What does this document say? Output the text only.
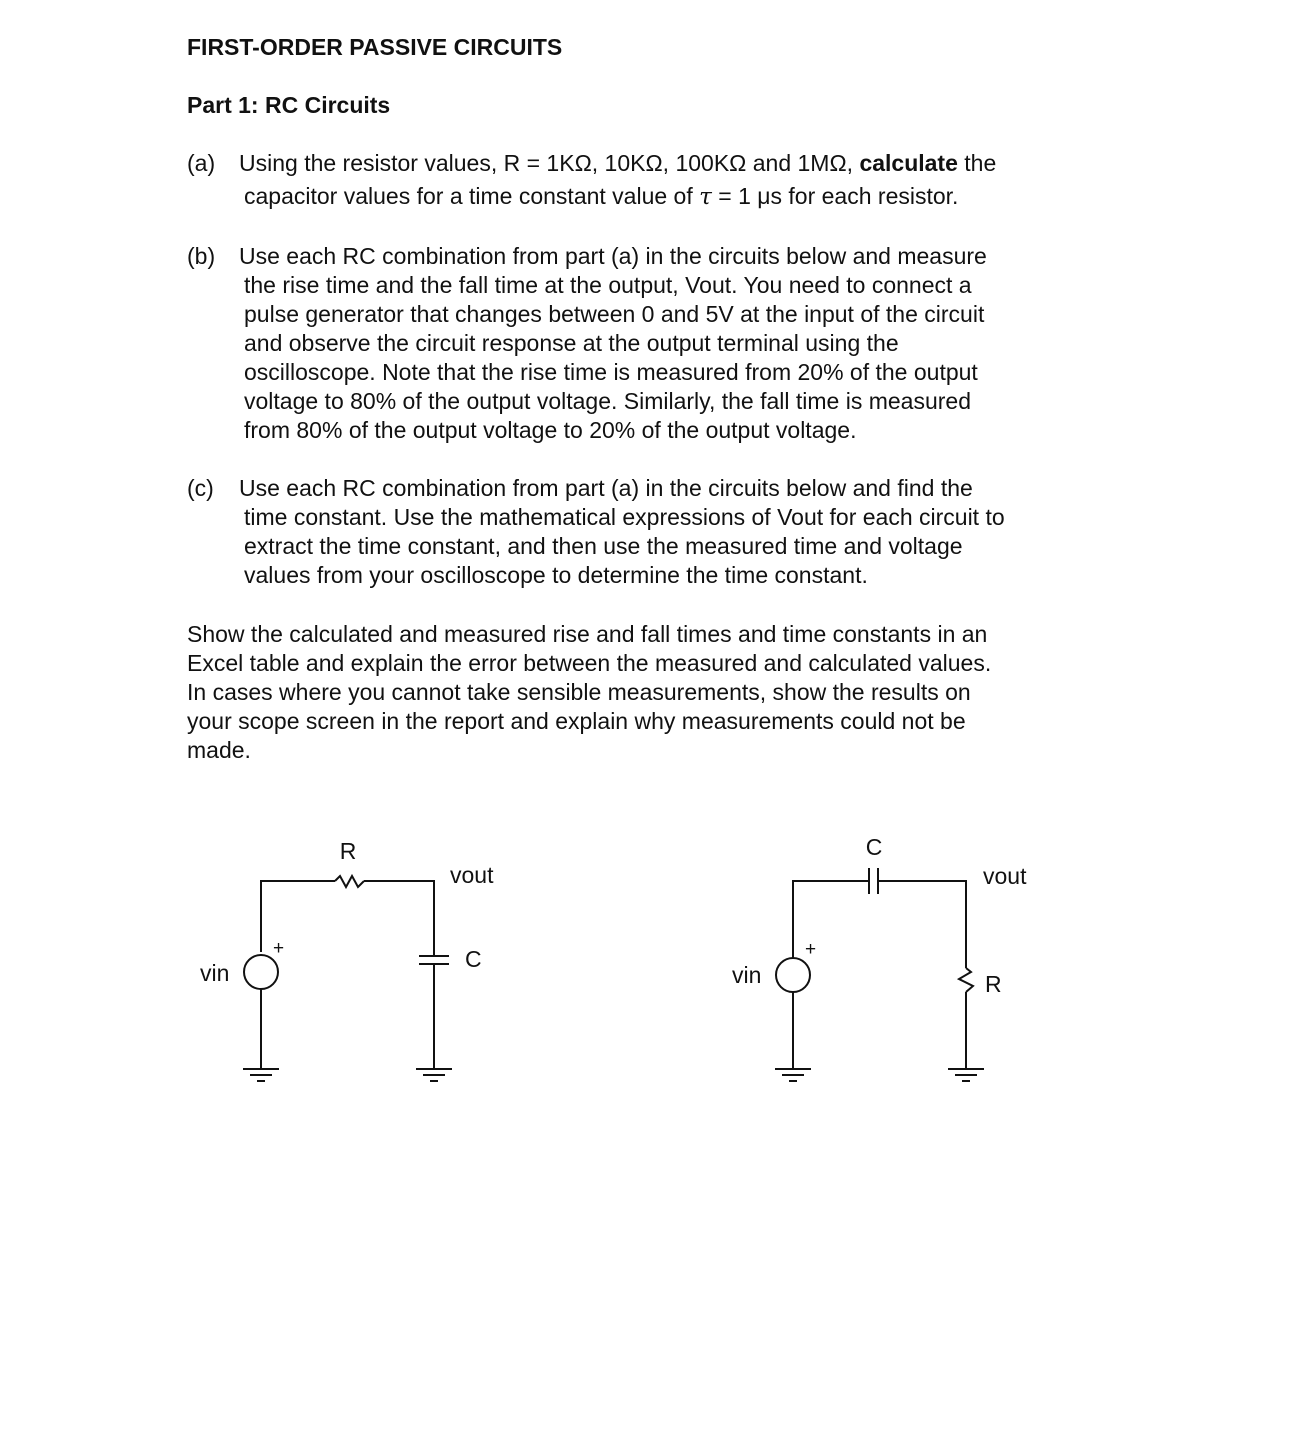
FIRST-ORDER PASSIVE CIRCUITS
Part 1: RC Circuits
(a) Using the resistor values, R = 1KΩ, 10KΩ, 100KΩ and 1MΩ, calculate the
capacitor values for a time constant value of τ = 1 μs for each resistor.
(b) Use each RC combination from part (a) in the circuits below and measure
the rise time and the fall time at the output, Vout. You need to connect a
pulse generator that changes between 0 and 5V at the input of the circuit
and observe the circuit response at the output terminal using the
oscilloscope. Note that the rise time is measured from 20% of the output
voltage to 80% of the output voltage. Similarly, the fall time is measured
from 80% of the output voltage to 20% of the output voltage.
(c) Use each RC combination from part (a) in the circuits below and find the
time constant. Use the mathematical expressions of Vout for each circuit to
extract the time constant, and then use the measured time and voltage
values from your oscilloscope to determine the time constant.
Show the calculated and measured rise and fall times and time constants in an
Excel table and explain the error between the measured and calculated values.
In cases where you cannot take sensible measurements, show the results on
your scope screen in the report and explain why measurements could not be
made.
R
vout
C
vin
+
C
vout
R
vin
+
